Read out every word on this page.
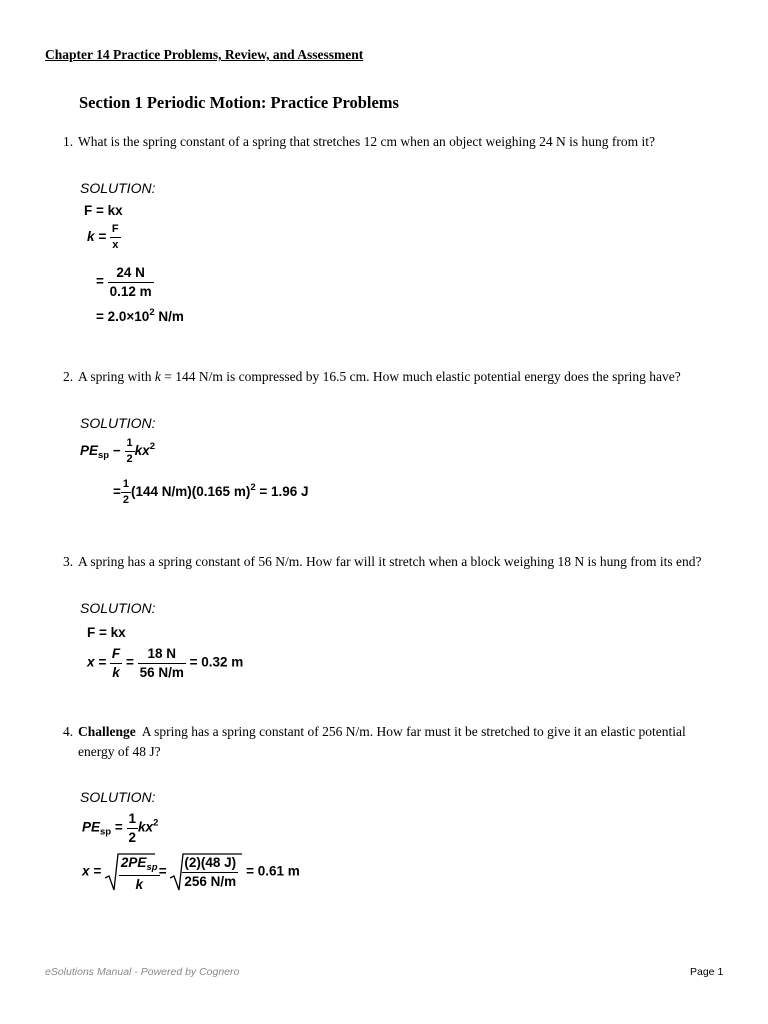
Chapter 14 Practice Problems, Review, and Assessment
Section 1 Periodic Motion: Practice Problems
1. What is the spring constant of a spring that stretches 12 cm when an object weighing 24 N is hung from it?
SOLUTION:
F = kx
$k = \frac{F}{x}$
= $\frac{24 N}{0.12 m}$
= $2.0\times 10^2$ N/m
2. A spring with k = 144 N/m is compressed by 16.5 cm. How much elastic potential energy does the spring have?
SOLUTION:
$PE_{sp} - \frac{1}{2} kx^2$
= $\frac{1}{2} (144$ N/m)(0.165 m)$^2$ = 1.96 J
3. A spring has a spring constant of 56 N/m. How far will it stretch when a block weighing 18 N is hung from its end?
SOLUTION:
F = kx
$x = \frac{F}{k} = \frac{18 N}{56 N/m} = 0.32$ m
4. Challenge A spring has a spring constant of 256 N/m. How far must it be stretched to give it an elastic potential energy of 48 J?
SOLUTION:
$PE_{sp} = \frac{1}{2} kx^2$
x =
$2PE_{sp}$
k
= $\frac{(2)(48 J)}{256 N/m} = 0.61$ m
eSolutions Manual - Powered by Cognero	Page 1
